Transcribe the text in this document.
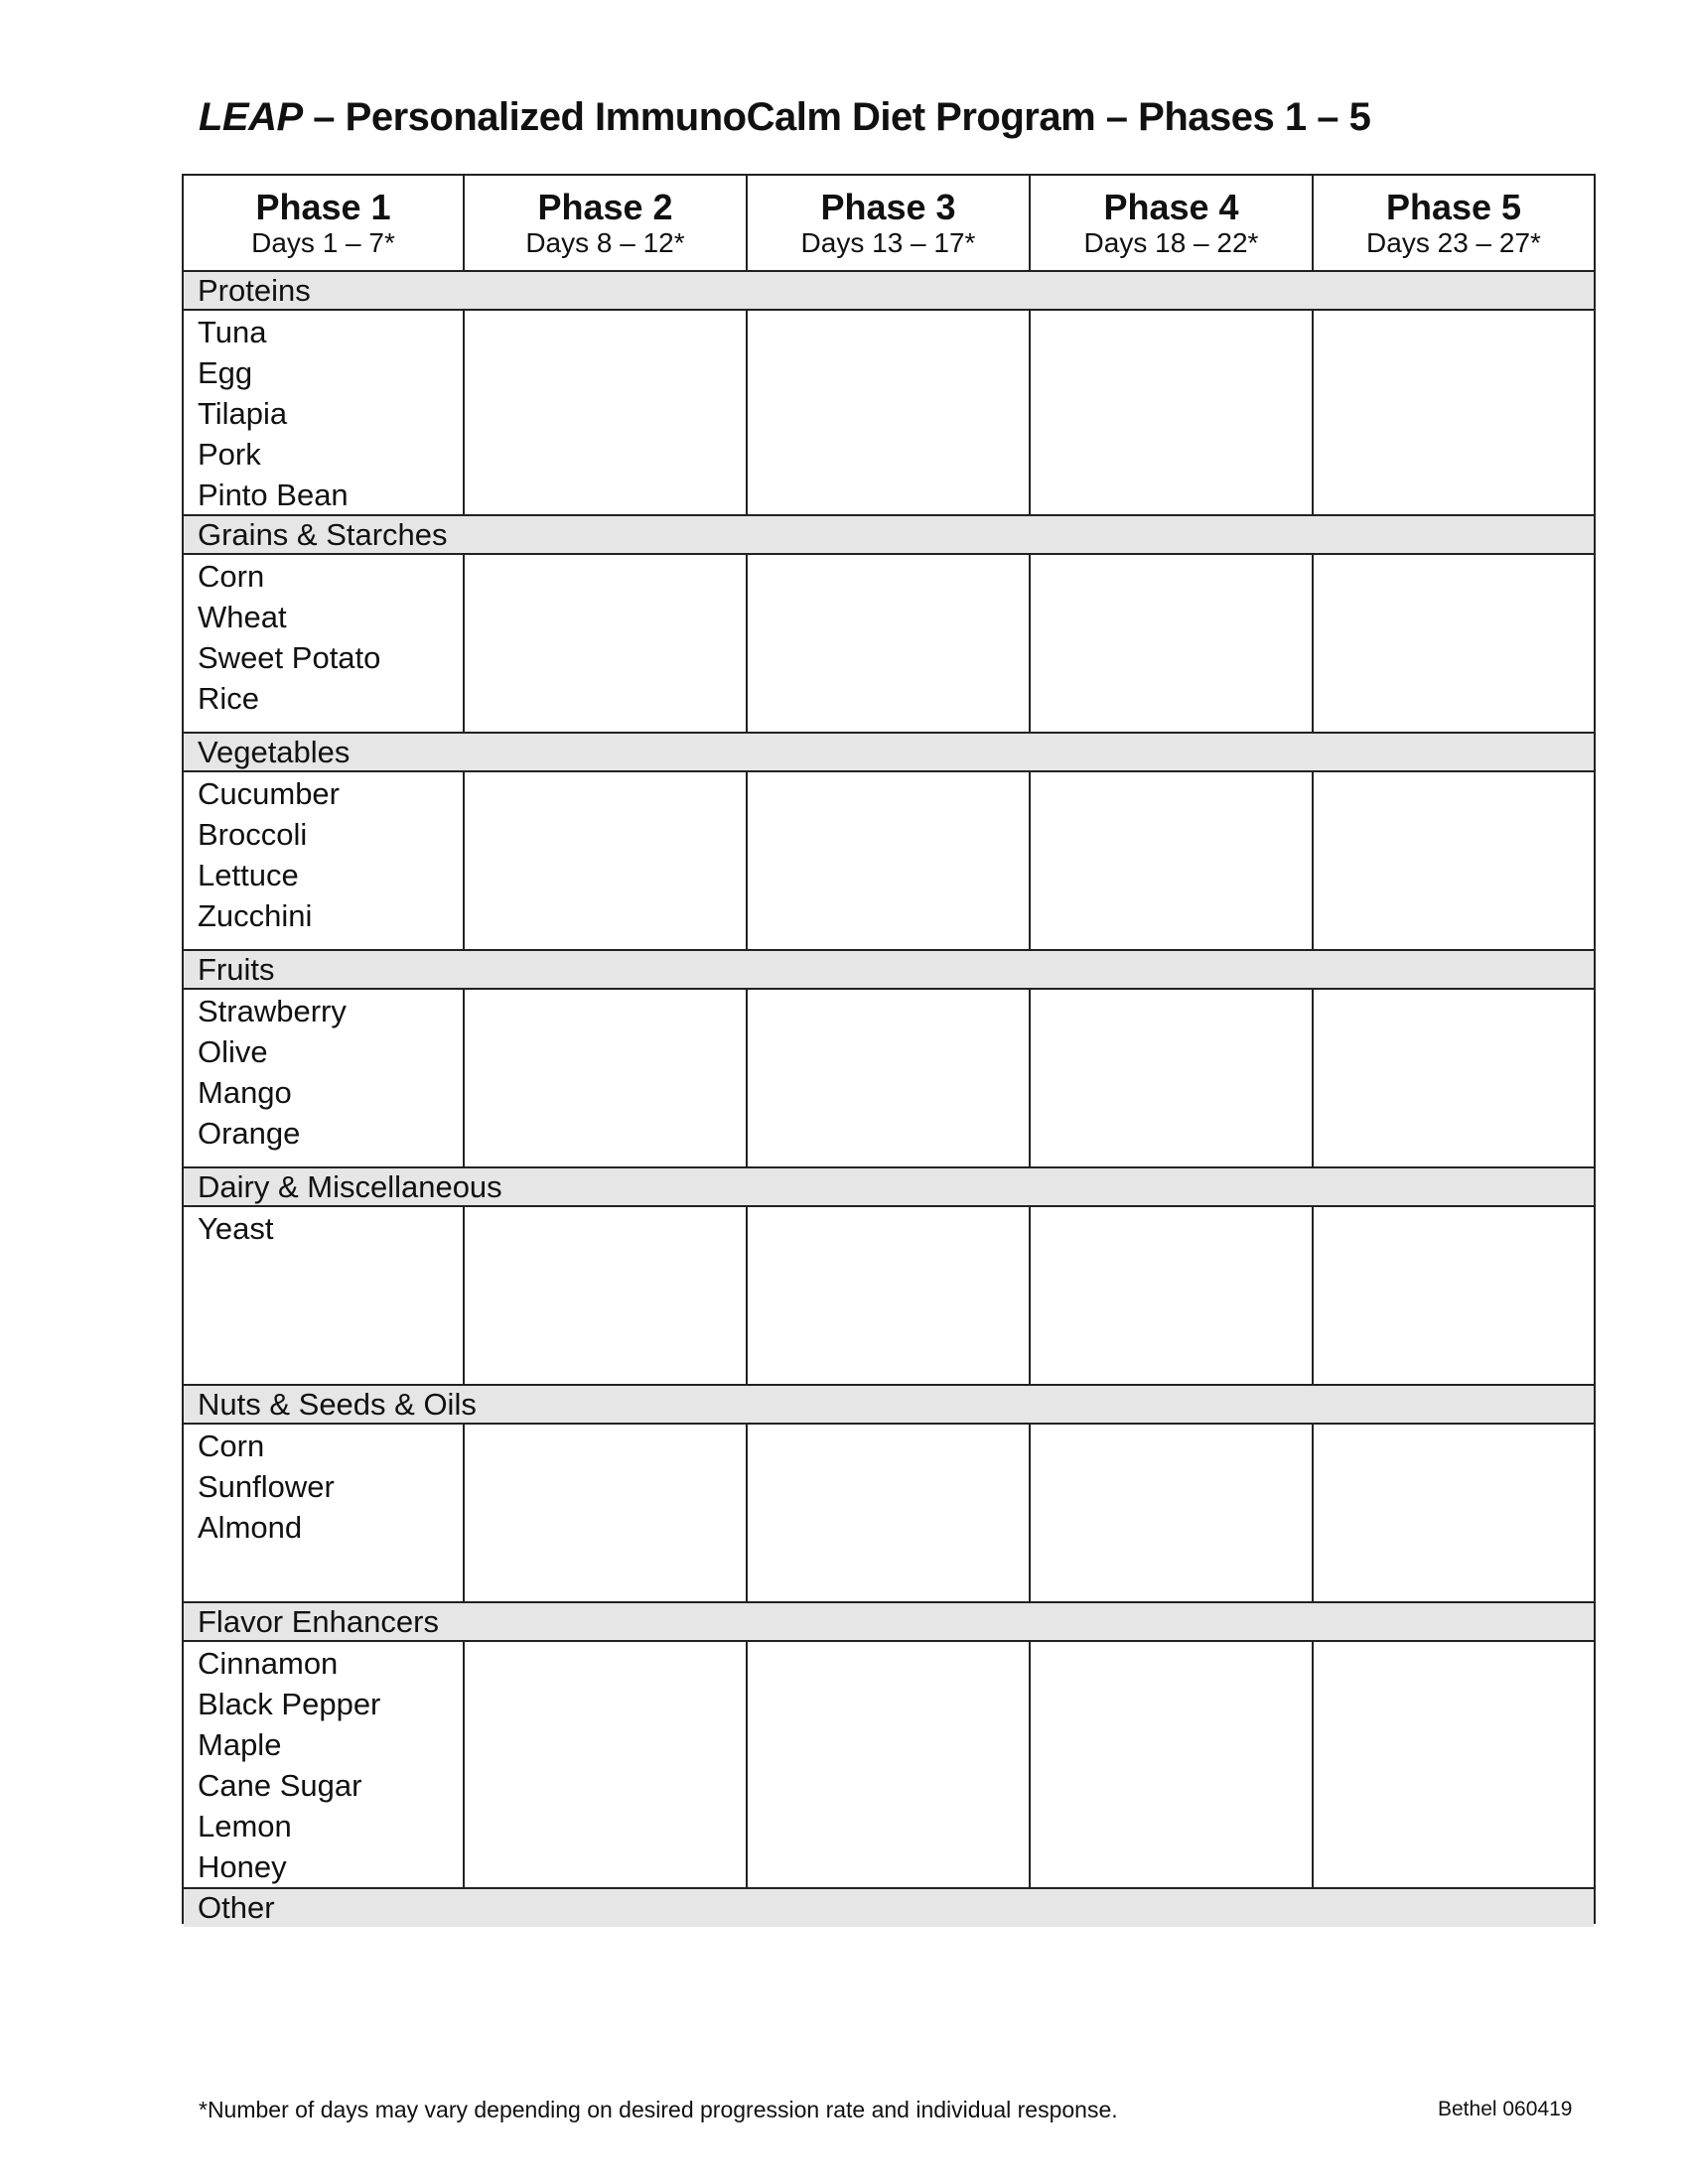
LEAP – Personalized ImmunoCalm Diet Program – Phases 1 – 5
Phase 1
Days 1 – 7*
Phase 2
Days 8 – 12*
Phase 3
Days 13 – 17*
Phase 4
Days 18 – 22*
Phase 5
Days 23 – 27*
Proteins
Tuna
Egg
Tilapia
Pork
Pinto Bean
Grains & Starches
Corn
Wheat
Sweet Potato
Rice
Vegetables
Cucumber
Broccoli
Lettuce
Zucchini
Fruits
Strawberry
Olive
Mango
Orange
Dairy & Miscellaneous
Yeast
Nuts & Seeds & Oils
Corn
Sunflower
Almond
Flavor Enhancers
Cinnamon
Black Pepper
Maple
Cane Sugar
Lemon
Honey
Other
*Number of days may vary depending on desired progression rate and individual response.	Bethel 060419
